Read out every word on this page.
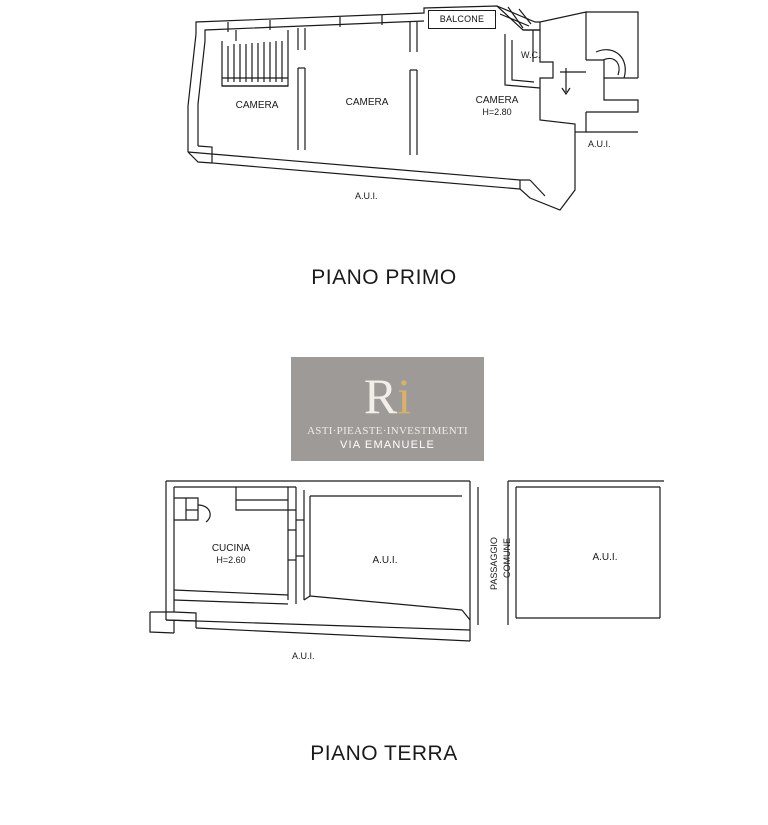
BALCONE
CAMERA	CAMERA	CAMERA
H=2.80
W.C.
A.U.I.
A.U.I.
PIANO PRIMO
Ri
ASTI·PIEASTE·INVESTIMENTI
VIA EMANUELE
CUCINA
H=2.60	A.U.I.	A.U.I.
PASSAGGIO COMUNE
A.U.I.
PIANO TERRA
